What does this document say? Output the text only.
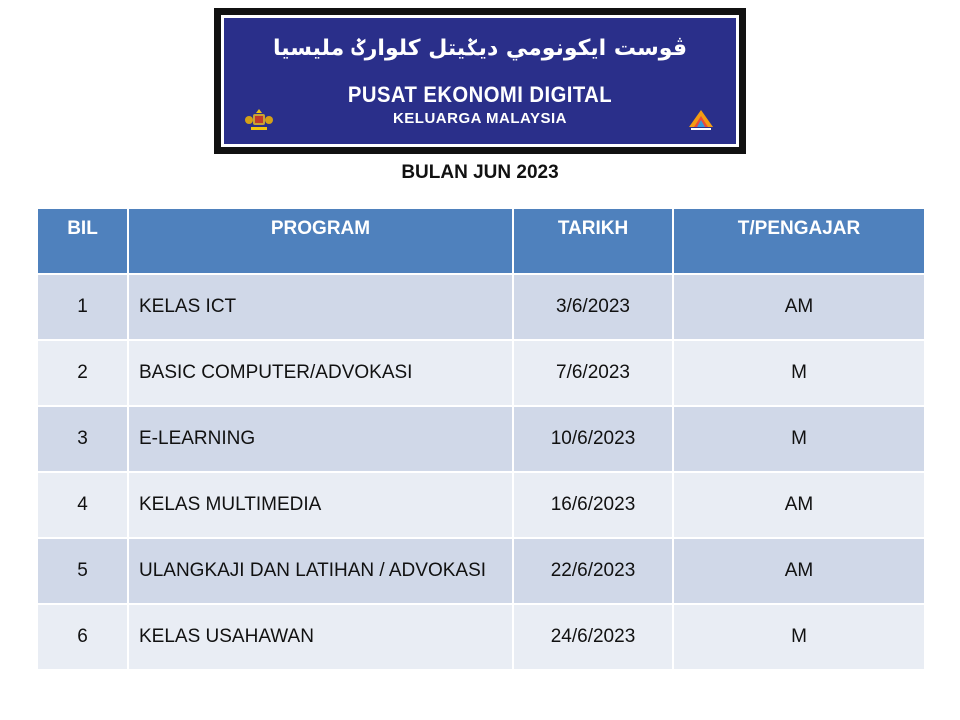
ڤوست ايکونومي ديݢيتل کلوارݢ مليسيا
PUSAT EKONOMI DIGITAL
KELUARGA MALAYSIA
BULAN JUN 2023
BIL	PROGRAM	TARIKH	T/PENGAJAR
1	KELAS ICT	3/6/2023	AM
2	BASIC COMPUTER/ADVOKASI	7/6/2023	M
3	E-LEARNING	10/6/2023	M
4	KELAS MULTIMEDIA	16/6/2023	AM
5	ULANGKAJI DAN LATIHAN / ADVOKASI	22/6/2023	AM
6	KELAS USAHAWAN	24/6/2023	M
